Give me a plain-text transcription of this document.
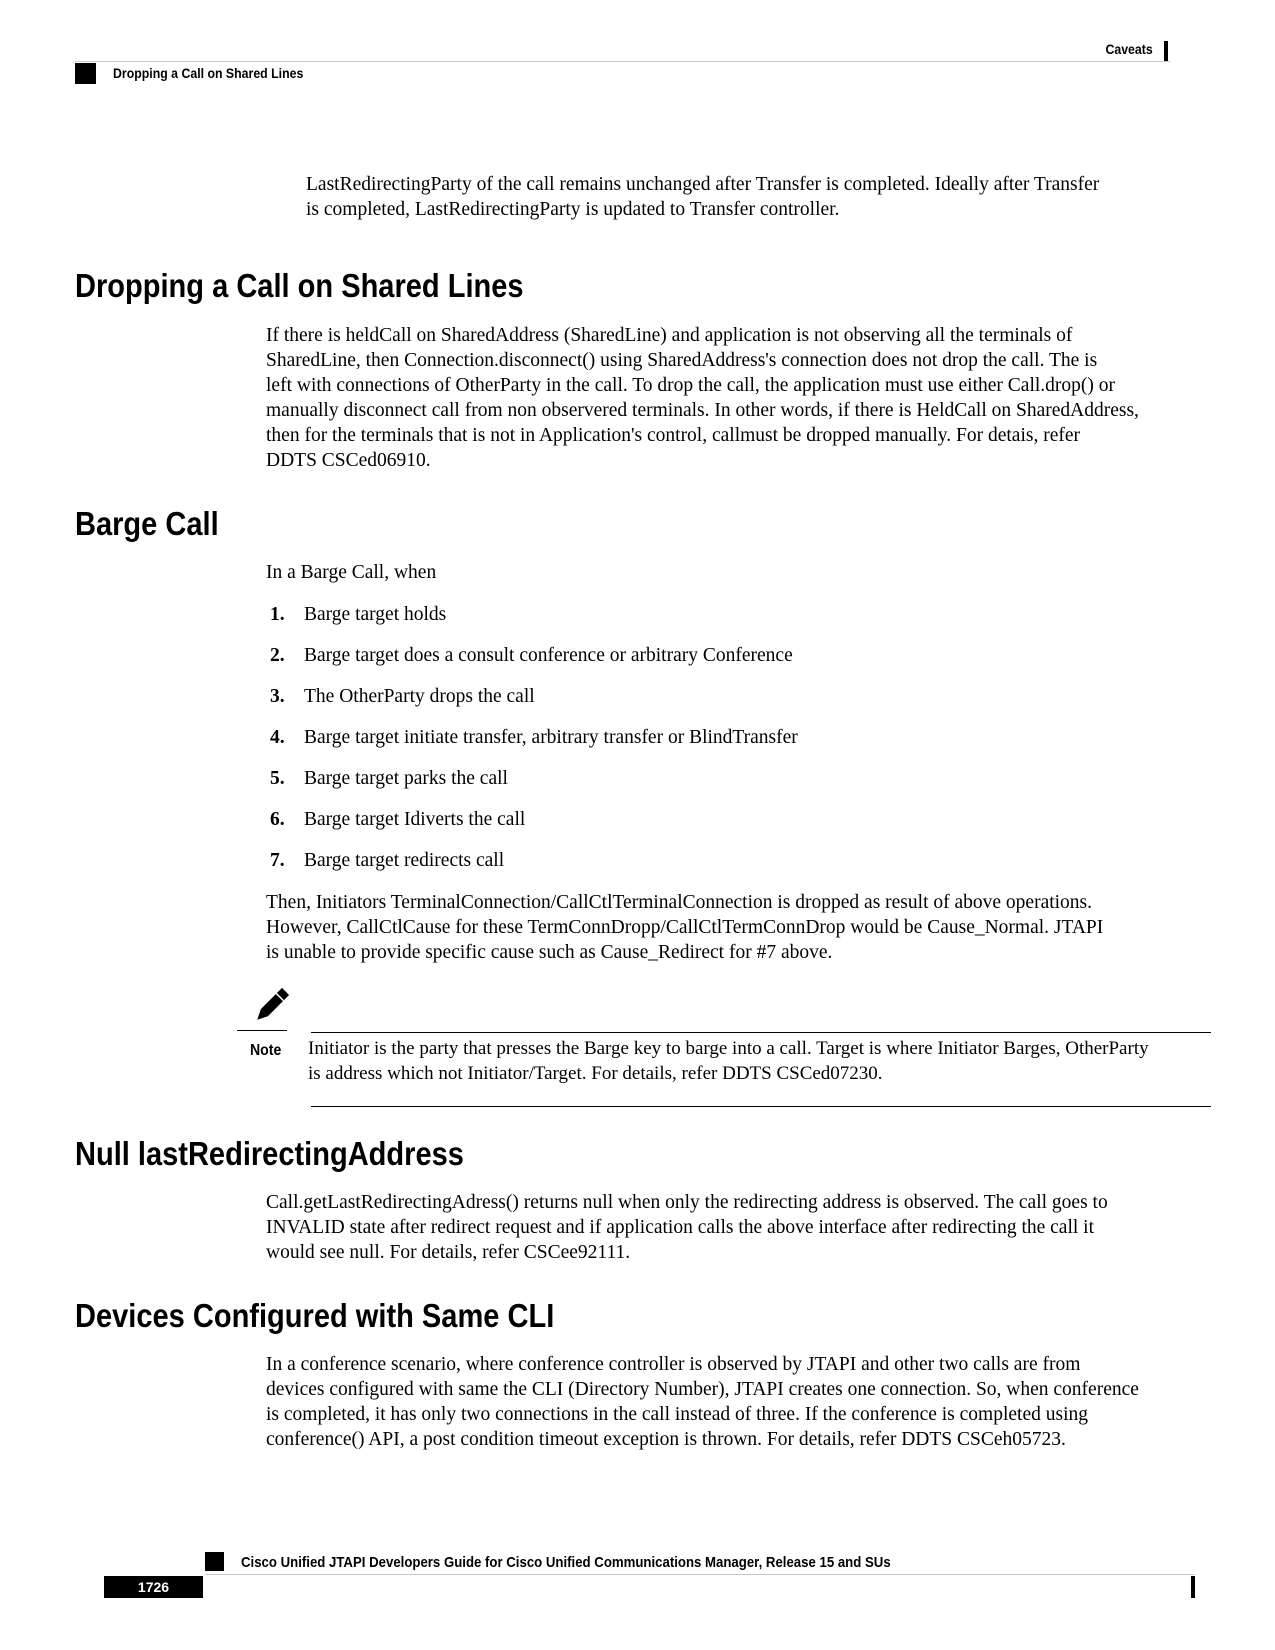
Caveats
Dropping a Call on Shared Lines

LastRedirectingParty of the call remains unchanged after Transfer is completed. Ideally after Transfer
is completed, LastRedirectingParty is updated to Transfer controller.

Dropping a Call on Shared Lines

If there is heldCall on SharedAddress (SharedLine) and application is not observing all the terminals of
SharedLine, then Connection.disconnect() using SharedAddress's connection does not drop the call. The is
left with connections of OtherParty in the call. To drop the call, the application must use either Call.drop() or
manually disconnect call from non observered terminals. In other words, if there is HeldCall on SharedAddress,
then for the terminals that is not in Application's control, callmust be dropped manually. For detais, refer
DDTS CSCed06910.

Barge Call

In a Barge Call, when

1. Barge target holds
2. Barge target does a consult conference or arbitrary Conference
3. The OtherParty drops the call
4. Barge target initiate transfer, arbitrary transfer or BlindTransfer
5. Barge target parks the call
6. Barge target Idiverts the call
7. Barge target redirects call

Then, Initiators TerminalConnection/CallCtlTerminalConnection is dropped as result of above operations.
However, CallCtlCause for these TermConnDropp/CallCtlTermConnDrop would be Cause_Normal. JTAPI
is unable to provide specific cause such as Cause_Redirect for #7 above.

Note Initiator is the party that presses the Barge key to barge into a call. Target is where Initiator Barges, OtherParty
is address which not Initiator/Target. For details, refer DDTS CSCed07230.

Null lastRedirectingAddress

Call.getLastRedirectingAdress() returns null when only the redirecting address is observed. The call goes to
INVALID state after redirect request and if application calls the above interface after redirecting the call it
would see null. For details, refer CSCee92111.

Devices Configured with Same CLI

In a conference scenario, where conference controller is observed by JTAPI and other two calls are from
devices configured with same the CLI (Directory Number), JTAPI creates one connection. So, when conference
is completed, it has only two connections in the call instead of three. If the conference is completed using
conference() API, a post condition timeout exception is thrown. For details, refer DDTS CSCeh05723.

Cisco Unified JTAPI Developers Guide for Cisco Unified Communications Manager, Release 15 and SUs
1726
